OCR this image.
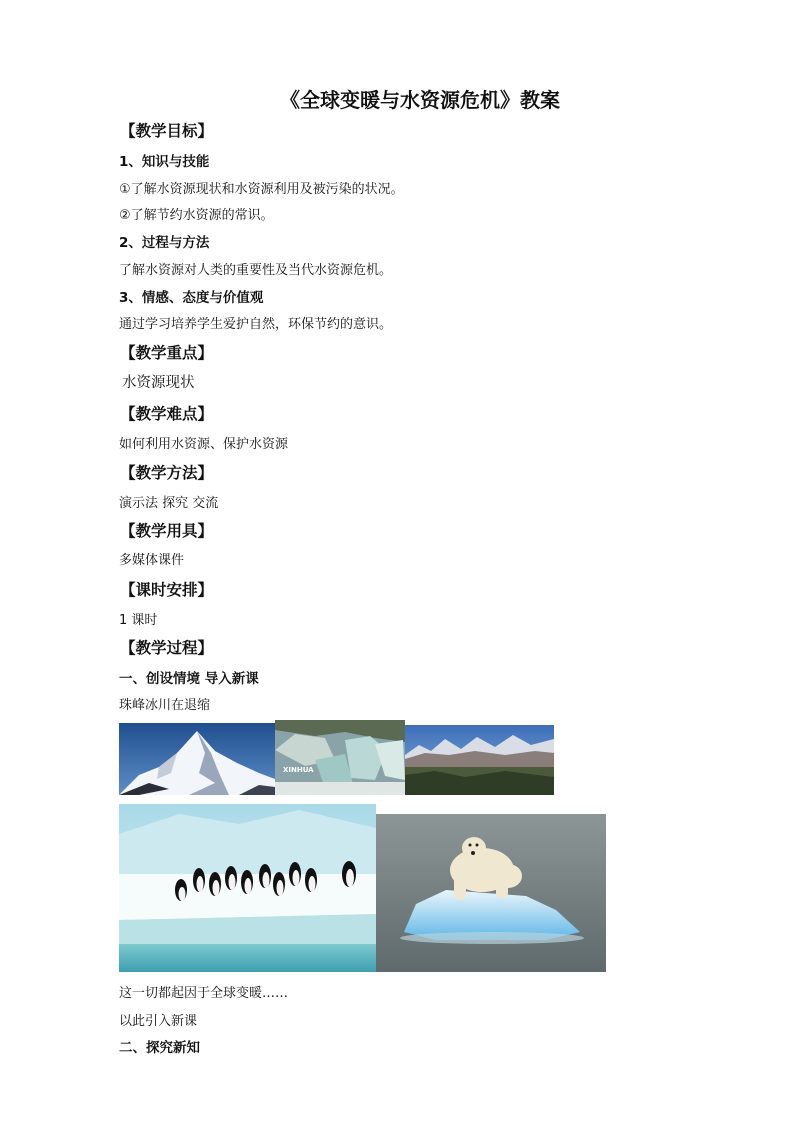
《全球变暖与水资源危机》教案
【教学目标】
1、知识与技能
①了解水资源现状和水资源利用及被污染的状况。
②了解节约水资源的常识。
2、过程与方法
了解水资源对人类的重要性及当代水资源危机。
3、情感、态度与价值观
通过学习培养学生爱护自然，环保节约的意识。
【教学重点】
水资源现状
【教学难点】
如何利用水资源、保护水资源
【教学方法】
演示法 探究 交流
【教学用具】
多媒体课件
【课时安排】
1 课时
【教学过程】
一、创设情境 导入新课
珠峰冰川在退缩
XINHUA
这一切都起因于全球变暖……
以此引入新课
二、探究新知
